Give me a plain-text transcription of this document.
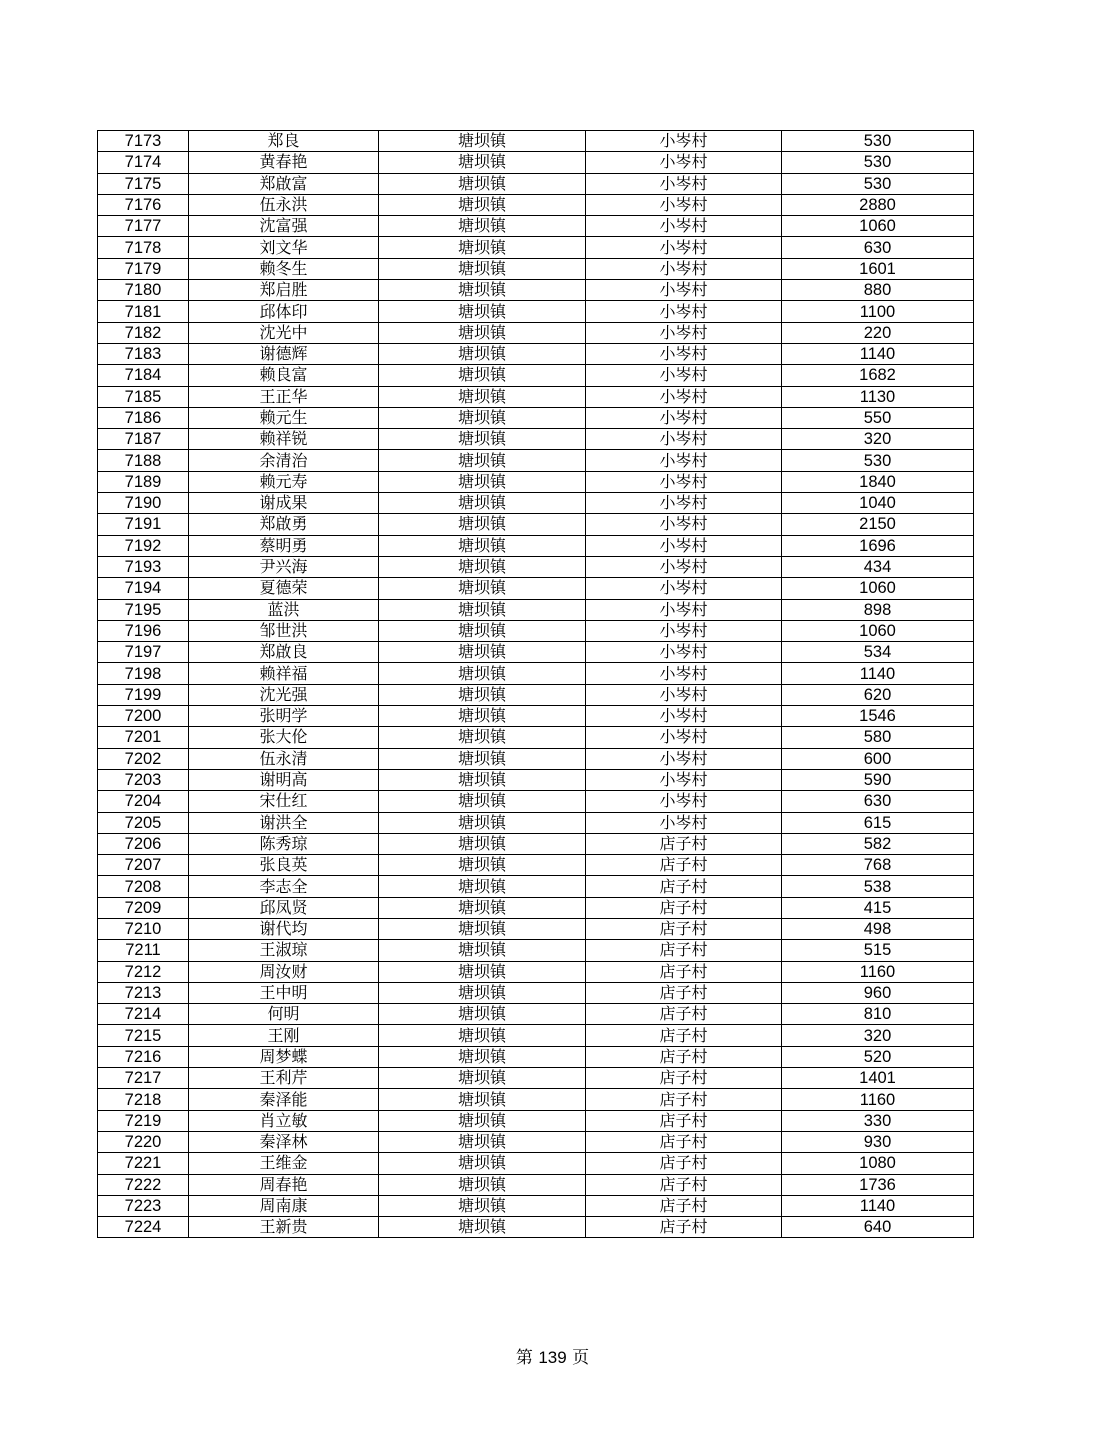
7173	郑良	塘坝镇	小岑村	530
7174	黄春艳	塘坝镇	小岑村	530
7175	郑啟富	塘坝镇	小岑村	530
7176	伍永洪	塘坝镇	小岑村	2880
7177	沈富强	塘坝镇	小岑村	1060
7178	刘文华	塘坝镇	小岑村	630
7179	赖冬生	塘坝镇	小岑村	1601
7180	郑启胜	塘坝镇	小岑村	880
7181	邱体印	塘坝镇	小岑村	1100
7182	沈光中	塘坝镇	小岑村	220
7183	谢德辉	塘坝镇	小岑村	1140
7184	赖良富	塘坝镇	小岑村	1682
7185	王正华	塘坝镇	小岑村	1130
7186	赖元生	塘坝镇	小岑村	550
7187	赖祥锐	塘坝镇	小岑村	320
7188	余清治	塘坝镇	小岑村	530
7189	赖元寿	塘坝镇	小岑村	1840
7190	谢成果	塘坝镇	小岑村	1040
7191	郑啟勇	塘坝镇	小岑村	2150
7192	蔡明勇	塘坝镇	小岑村	1696
7193	尹兴海	塘坝镇	小岑村	434
7194	夏德荣	塘坝镇	小岑村	1060
7195	蓝洪	塘坝镇	小岑村	898
7196	邹世洪	塘坝镇	小岑村	1060
7197	郑啟良	塘坝镇	小岑村	534
7198	赖祥福	塘坝镇	小岑村	1140
7199	沈光强	塘坝镇	小岑村	620
7200	张明学	塘坝镇	小岑村	1546
7201	张大伦	塘坝镇	小岑村	580
7202	伍永清	塘坝镇	小岑村	600
7203	谢明高	塘坝镇	小岑村	590
7204	宋仕红	塘坝镇	小岑村	630
7205	谢洪全	塘坝镇	小岑村	615
7206	陈秀琼	塘坝镇	店子村	582
7207	张良英	塘坝镇	店子村	768
7208	李志全	塘坝镇	店子村	538
7209	邱凤贤	塘坝镇	店子村	415
7210	谢代均	塘坝镇	店子村	498
7211	王淑琼	塘坝镇	店子村	515
7212	周汝财	塘坝镇	店子村	1160
7213	王中明	塘坝镇	店子村	960
7214	何明	塘坝镇	店子村	810
7215	王刚	塘坝镇	店子村	320
7216	周梦蝶	塘坝镇	店子村	520
7217	王利芹	塘坝镇	店子村	1401
7218	秦泽能	塘坝镇	店子村	1160
7219	肖立敏	塘坝镇	店子村	330
7220	秦泽林	塘坝镇	店子村	930
7221	王维金	塘坝镇	店子村	1080
7222	周春艳	塘坝镇	店子村	1736
7223	周南康	塘坝镇	店子村	1140
7224	王新贵	塘坝镇	店子村	640
第 139 页
